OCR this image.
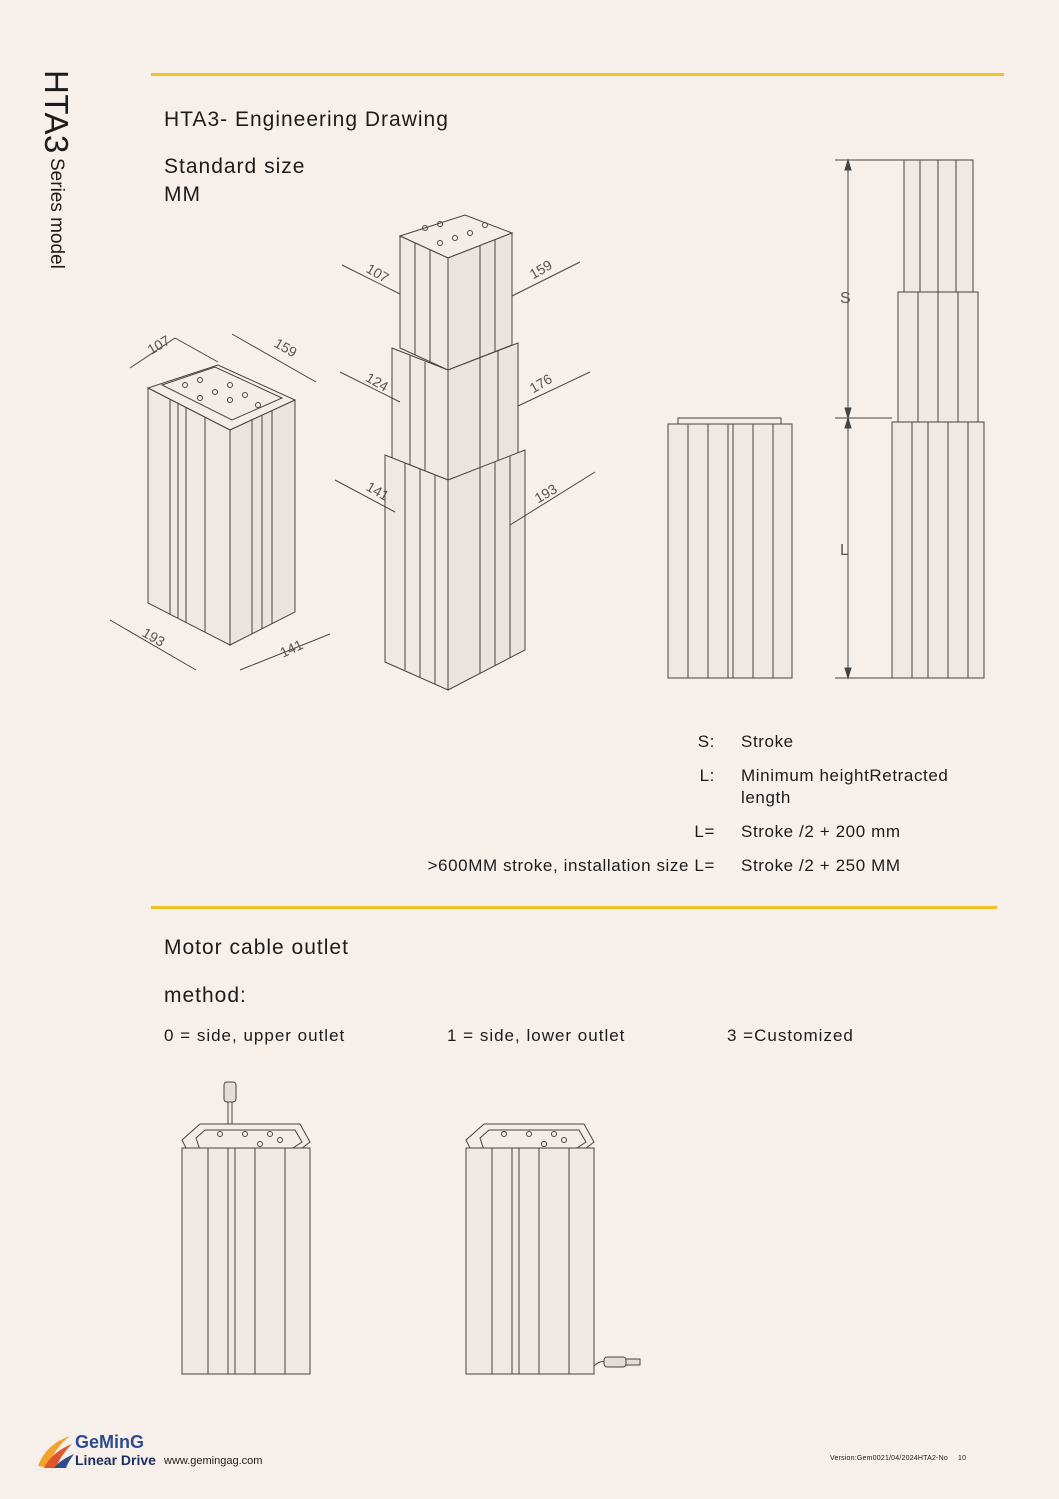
HTA3 Series model
HTA3- Engineering Drawing
Standard size
MM
107	159
193	141
107	159
124	176
141	193
S
L
S: Stroke
L: Minimum heightRetracted
length
L= Stroke /2 + 200 mm
>600MM stroke, installation size L= Stroke /2 + 250 MM
Motor cable outlet
method:
0 = side, upper outlet	1 = side, lower outlet	3 =Customized
GeMinG
Linear Drive www.gemingag.com	Version:Gem0021/04/2024HTA2-No 10
